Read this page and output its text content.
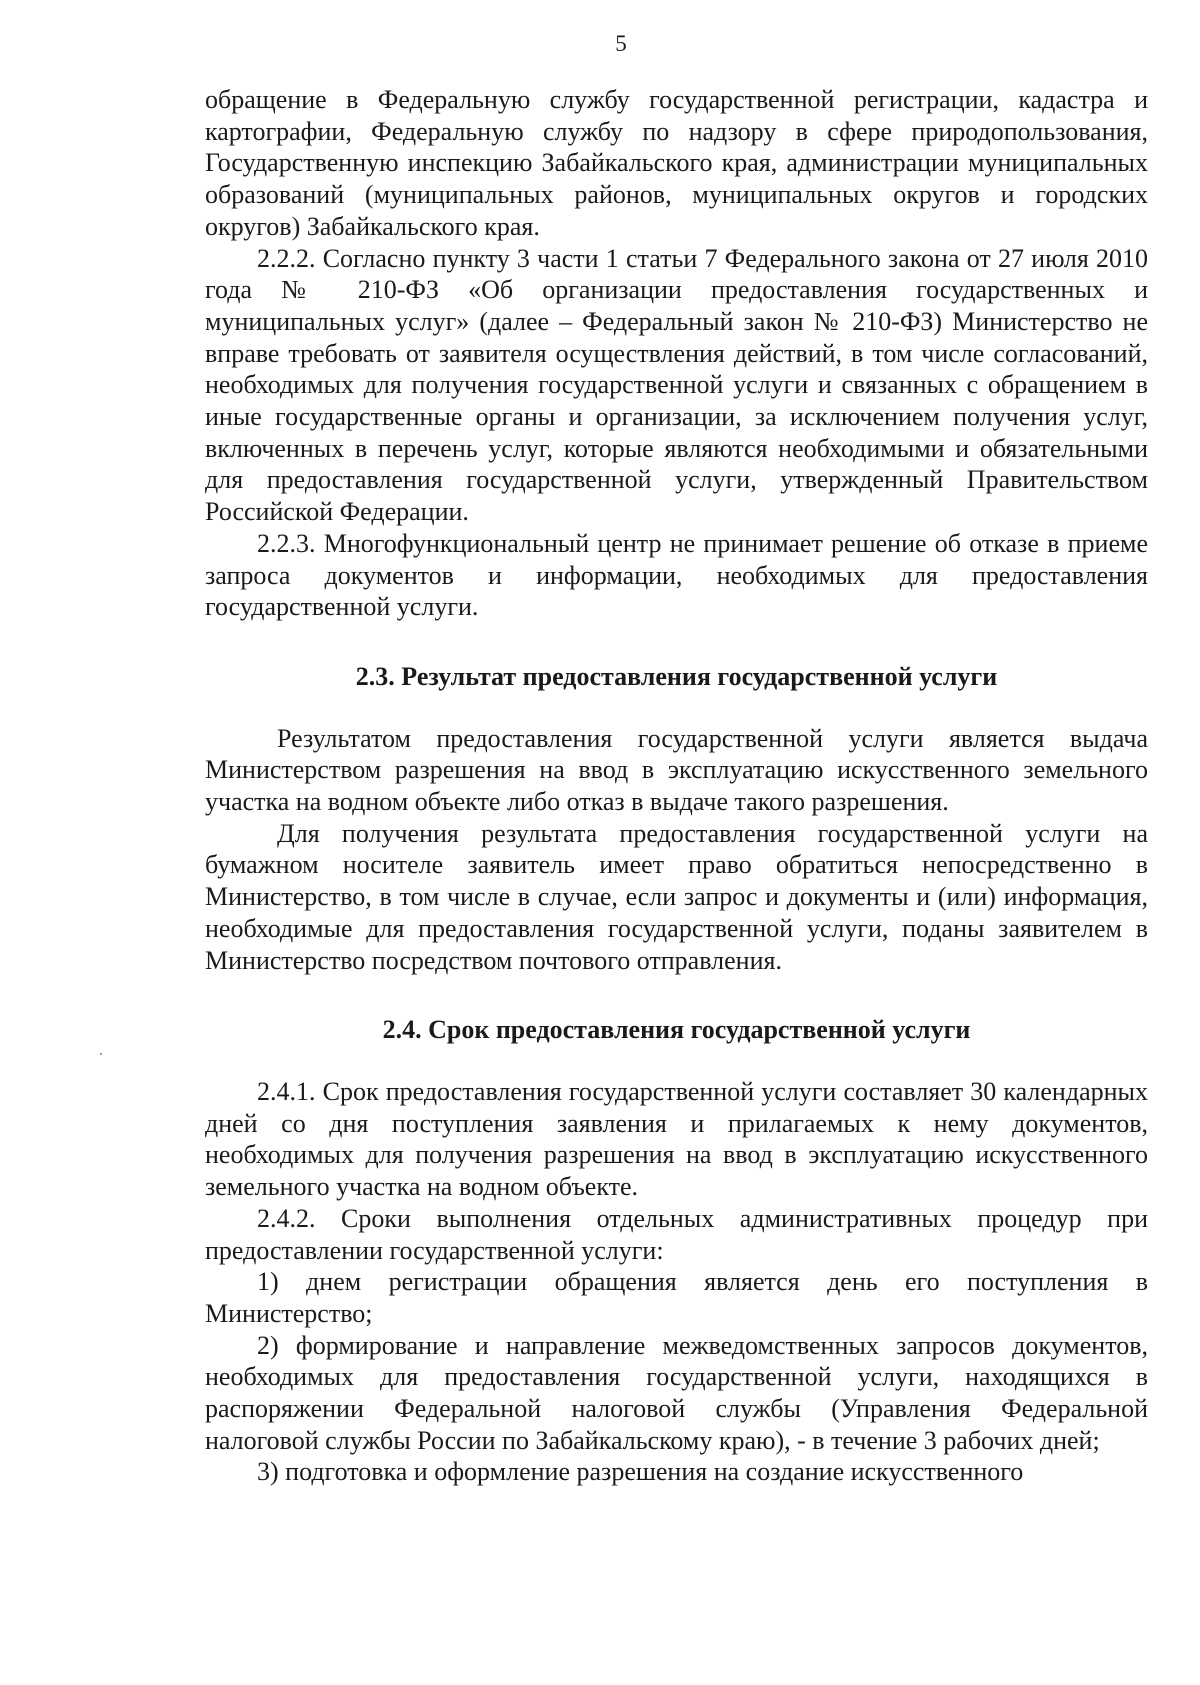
5

обращение в Федеральную службу государственной регистрации, кадастра и картографии, Федеральную службу по надзору в сфере природопользования, Государственную инспекцию Забайкальского края, администрации муниципальных образований (муниципальных районов, муниципальных округов и городских округов) Забайкальского края.

2.2.2. Согласно пункту 3 части 1 статьи 7 Федерального закона от 27 июля 2010 года № 210-ФЗ «Об организации предоставления государственных и муниципальных услуг» (далее – Федеральный закон № 210-ФЗ) Министерство не вправе требовать от заявителя осуществления действий, в том числе согласований, необходимых для получения государственной услуги и связанных с обращением в иные государственные органы и организации, за исключением получения услуг, включенных в перечень услуг, которые являются необходимыми и обязательными для предоставления государственной услуги, утвержденный Правительством Российской Федерации.

2.2.3. Многофункциональный центр не принимает решение об отказе в приеме запроса документов и информации, необходимых для предоставления государственной услуги.

2.3. Результат предоставления государственной услуги

Результатом предоставления государственной услуги является выдача Министерством разрешения на ввод в эксплуатацию искусственного земельного участка на водном объекте либо отказ в выдаче такого разрешения.

Для получения результата предоставления государственной услуги на бумажном носителе заявитель имеет право обратиться непосредственно в Министерство, в том числе в случае, если запрос и документы и (или) информация, необходимые для предоставления государственной услуги, поданы заявителем в Министерство посредством почтового отправления.

2.4. Срок предоставления государственной услуги

2.4.1. Срок предоставления государственной услуги составляет 30 календарных дней со дня поступления заявления и прилагаемых к нему документов, необходимых для получения разрешения на ввод в эксплуатацию искусственного земельного участка на водном объекте.

2.4.2. Сроки выполнения отдельных административных процедур при предоставлении государственной услуги:

1) днем регистрации обращения является день его поступления в Министерство;

2) формирование и направление межведомственных запросов документов, необходимых для предоставления государственной услуги, находящихся в распоряжении Федеральной налоговой службы (Управления Федеральной налоговой службы России по Забайкальскому краю), - в течение 3 рабочих дней;

3) подготовка и оформление разрешения на создание искусственного
